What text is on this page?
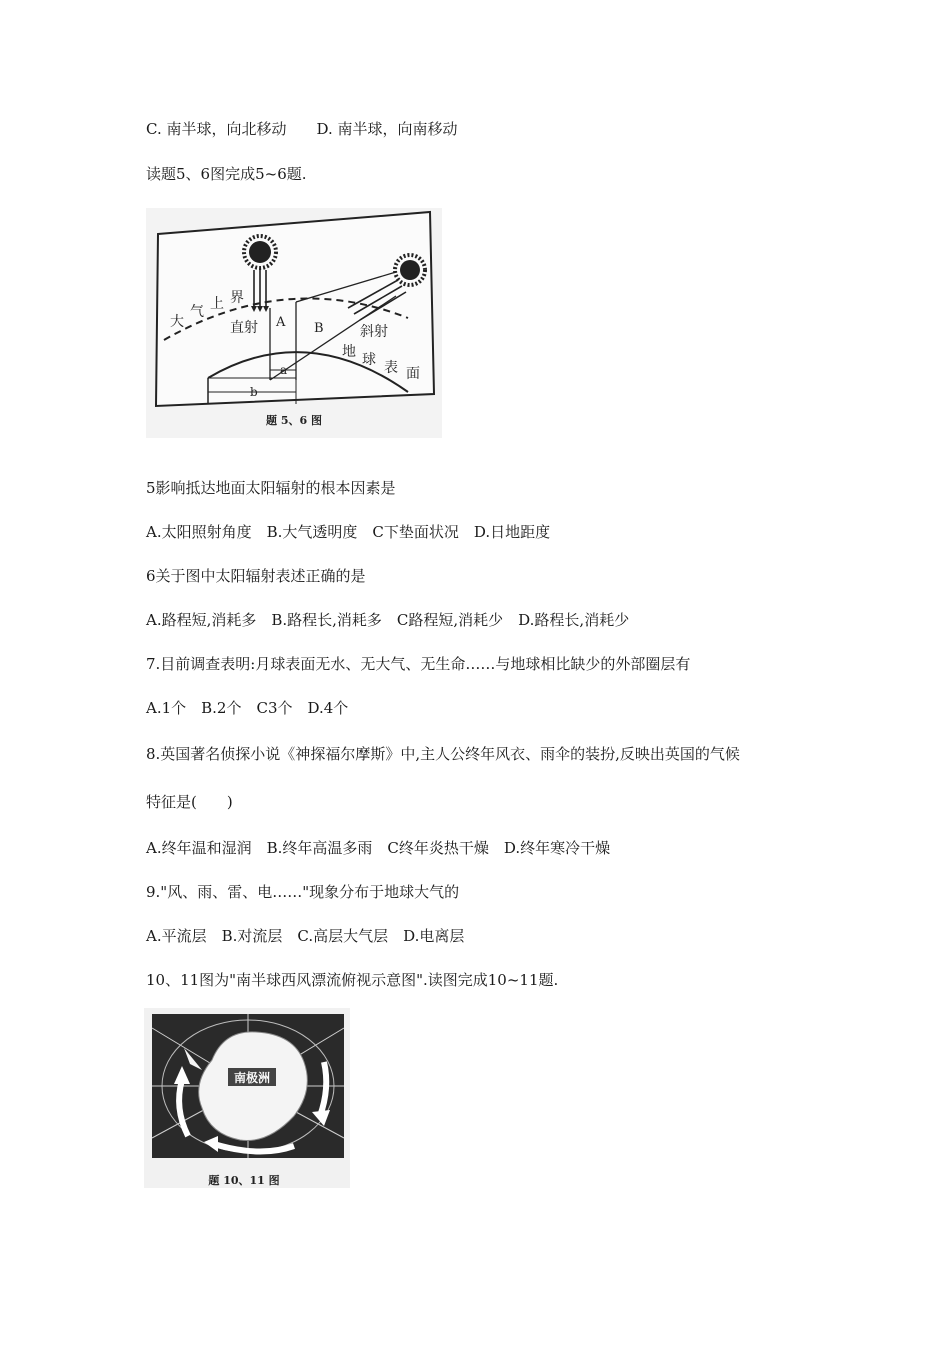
C. 南半球，向北移动　　D. 南半球，向南移动
读题5、6图完成5~6题.
大
气 上 界
直射 A B	斜射
地 球 表 面
a
b
题 5、6 图
5影响抵达地面太阳辐射的根本因素是
A.太阳照射角度　B.大气透明度　C下垫面状况　D.日地距度
6关于图中太阳辐射表述正确的是
A.路程短,消耗多　B.路程长,消耗多　C路程短,消耗少　D.路程长,消耗少
7.目前调查表明:月球表面无水、无大气、无生命……与地球相比缺少的外部圈层有
A.1个　B.2个　C3个　D.4个
8.英国著名侦探小说《神探福尔摩斯》中,主人公终年风衣、雨伞的装扮,反映出英国的气候
特征是(　　)
A.终年温和湿润　B.终年高温多雨　C终年炎热干燥　D.终年寒冷干燥
9."风、雨、雷、电……"现象分布于地球大气的
A.平流层　B.对流层　C.高层大气层　D.电离层
10、11图为"南半球西风漂流俯视示意图".读图完成10~11题.
南极洲
题 10、11 图
